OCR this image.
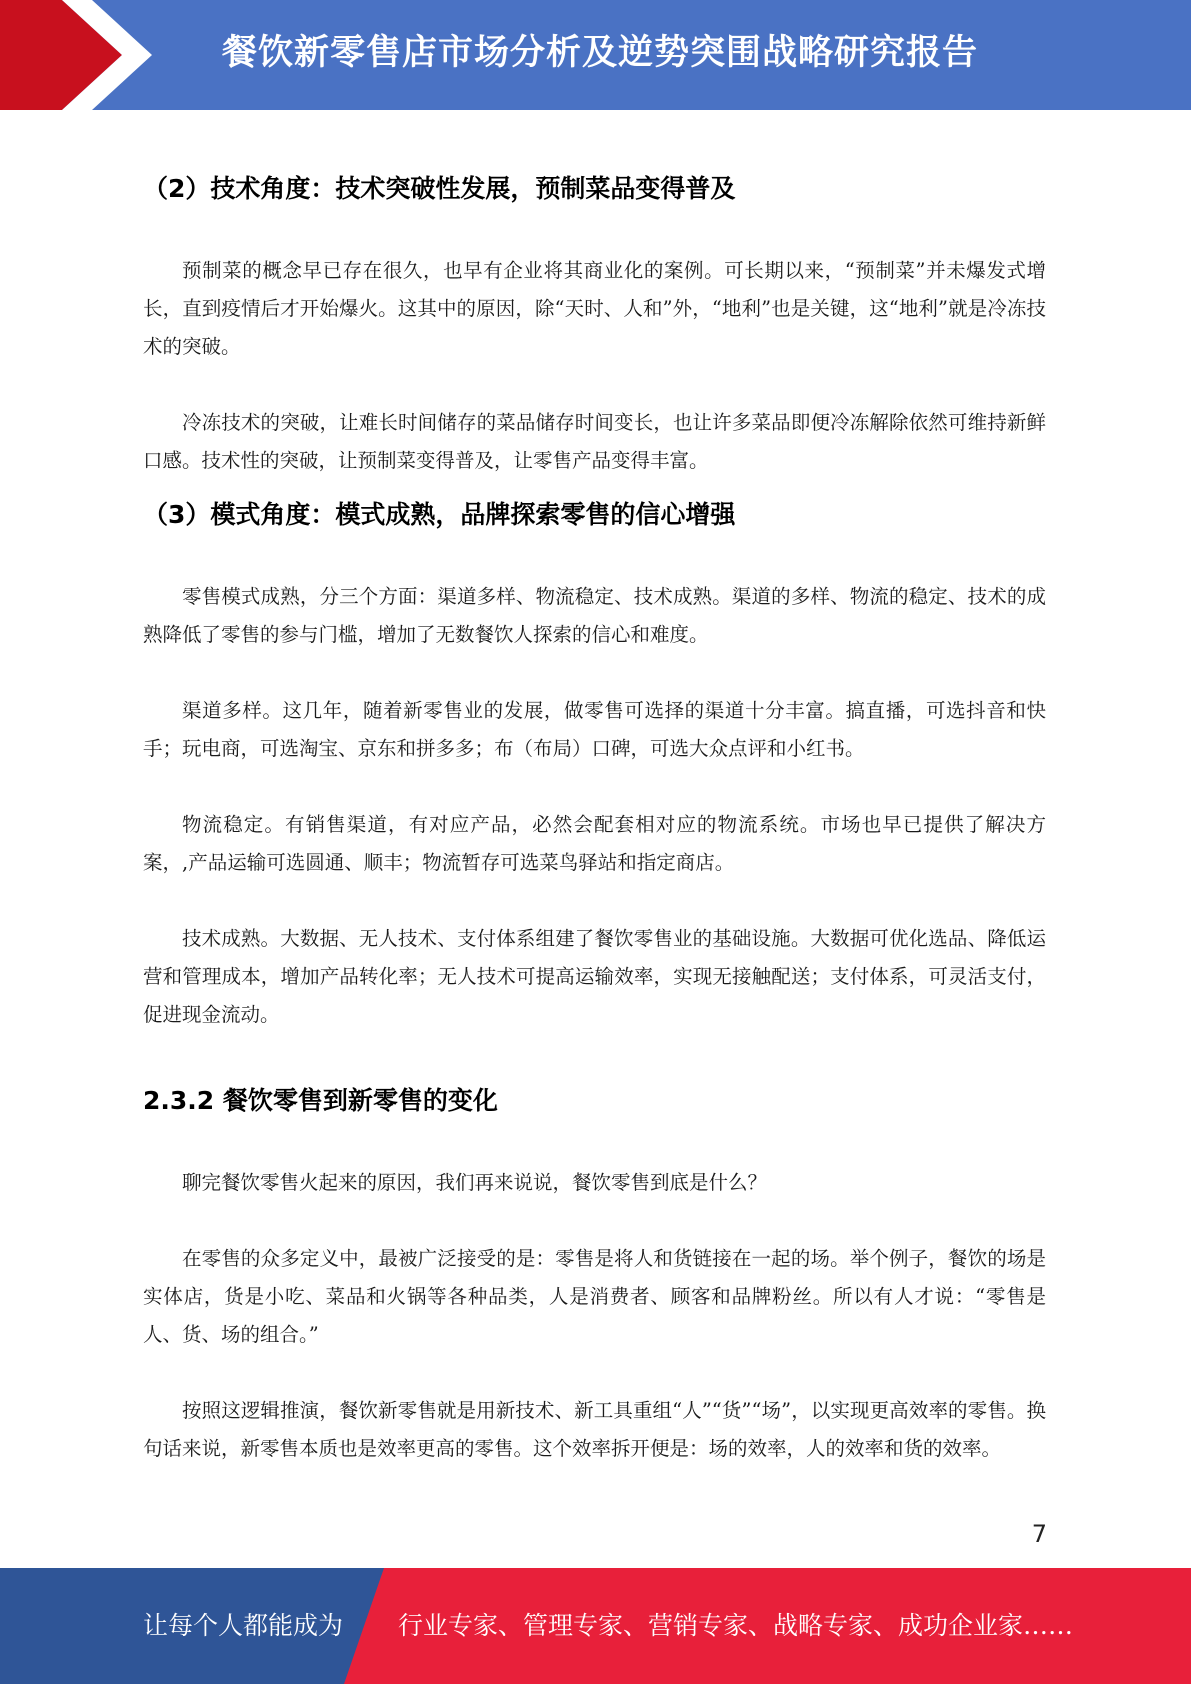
餐饮新零售店市场分析及逆势突围战略研究报告
（2）技术角度：技术突破性发展，预制菜品变得普及

预制菜的概念早已存在很久，也早有企业将其商业化的案例。可长期以来，“预制菜”并未爆发式增长，直到疫情后才开始爆火。这其中的原因，除“天时、人和”外，“地利”也是关键，这“地利”就是冷冻技术的突破。

冷冻技术的突破，让难长时间储存的菜品储存时间变长，也让许多菜品即便冷冻解除依然可维持新鲜口感。技术性的突破，让预制菜变得普及，让零售产品变得丰富。

（3）模式角度：模式成熟，品牌探索零售的信心增强

零售模式成熟，分三个方面：渠道多样、物流稳定、技术成熟。渠道的多样、物流的稳定、技术的成熟降低了零售的参与门槛，增加了无数餐饮人探索的信心和难度。

渠道多样。这几年，随着新零售业的发展，做零售可选择的渠道十分丰富。搞直播，可选抖音和快手；玩电商，可选淘宝、京东和拼多多；布（布局）口碑，可选大众点评和小红书。

物流稳定。有销售渠道，有对应产品，必然会配套相对应的物流系统。市场也早已提供了解决方案，,产品运输可选圆通、顺丰；物流暂存可选菜鸟驿站和指定商店。

技术成熟。大数据、无人技术、支付体系组建了餐饮零售业的基础设施。大数据可优化选品、降低运营和管理成本，增加产品转化率；无人技术可提高运输效率，实现无接触配送；支付体系，可灵活支付，促进现金流动。

2.3.2 餐饮零售到新零售的变化

聊完餐饮零售火起来的原因，我们再来说说，餐饮零售到底是什么？

在零售的众多定义中，最被广泛接受的是：零售是将人和货链接在一起的场。举个例子，餐饮的场是实体店，货是小吃、菜品和火锅等各种品类，人是消费者、顾客和品牌粉丝。所以有人才说：“零售是人、货、场的组合。”

按照这逻辑推演，餐饮新零售就是用新技术、新工具重组“人”“货”“场”，以实现更高效率的零售。换句话来说，新零售本质也是效率更高的零售。这个效率拆开便是：场的效率，人的效率和货的效率。

7
让每个人都能成为 行业专家、管理专家、营销专家、战略专家、成功企业家……
